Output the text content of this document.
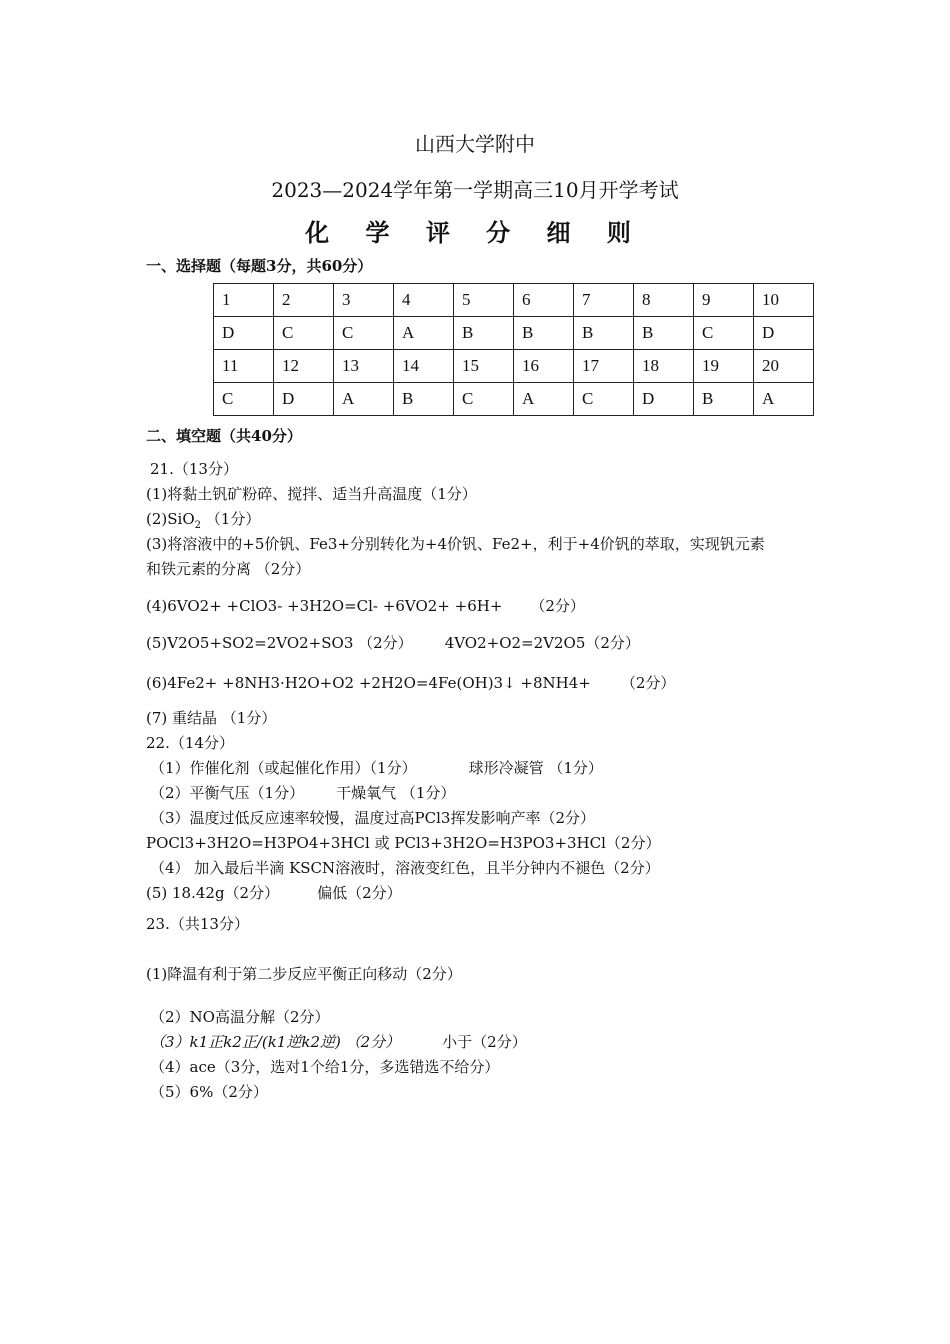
山西大学附中
2023—2024学年第一学期高三10月开学考试
化 学 评 分 细 则
一、选择题（每题3分，共60分）
1	2	3	4	5	6	7	8	9	10
D	C	C	A	B	B	B	B	C	D
11	12	13	14	15	16	17	18	19	20
C	D	A	B	C	A	C	D	B	A
二、填空题（共40分）
21.（13分）
(1)将黏土钒矿粉碎、搅拌、适当升高温度（1分）
(2)SiO$_2$ （1分）
(3)将溶液中的+5价钒、Fe3+分别转化为+4价钒、Fe2+，利于+4价钒的萃取，实现钒元素
和铁元素的分离 （2分）
(4)6VO2+ +ClO3- +3H2O=Cl- +6VO2+ +6H+ （2分）
(5)V2O5+SO2=2VO2+SO3 （2分） 4VO2+O2=2V2O5（2分）
(6)4Fe2+ +8NH3·H2O+O2 +2H2O=4Fe(OH)3↓ +8NH4+ （2分）
(7) 重结晶 （1分）
22.（14分）
（1）作催化剂（或起催化作用）（1分）	球形冷凝管 （1分）
（2）平衡气压（1分） 干燥氧气 （1分）
（3）温度过低反应速率较慢，温度过高PCl3挥发影响产率（2分）
POCl3+3H2O=H3PO4+3HCl 或 PCl3+3H2O=H3PO3+3HCl（2分）
（4） 加入最后半滴 KSCN溶液时，溶液变红色，且半分钟内不褪色（2分）
(5) 18.42g（2分）	偏低（2分）
23.（共13分）
(1)降温有利于第二步反应平衡正向移动（2分）
（2）NO高温分解（2分）
（3）k1正k2正/(k1逆k2逆) （2分）	小于（2分）
（4）ace（3分，选对1个给1分，多选错选不给分）
（5）6%（2分）
